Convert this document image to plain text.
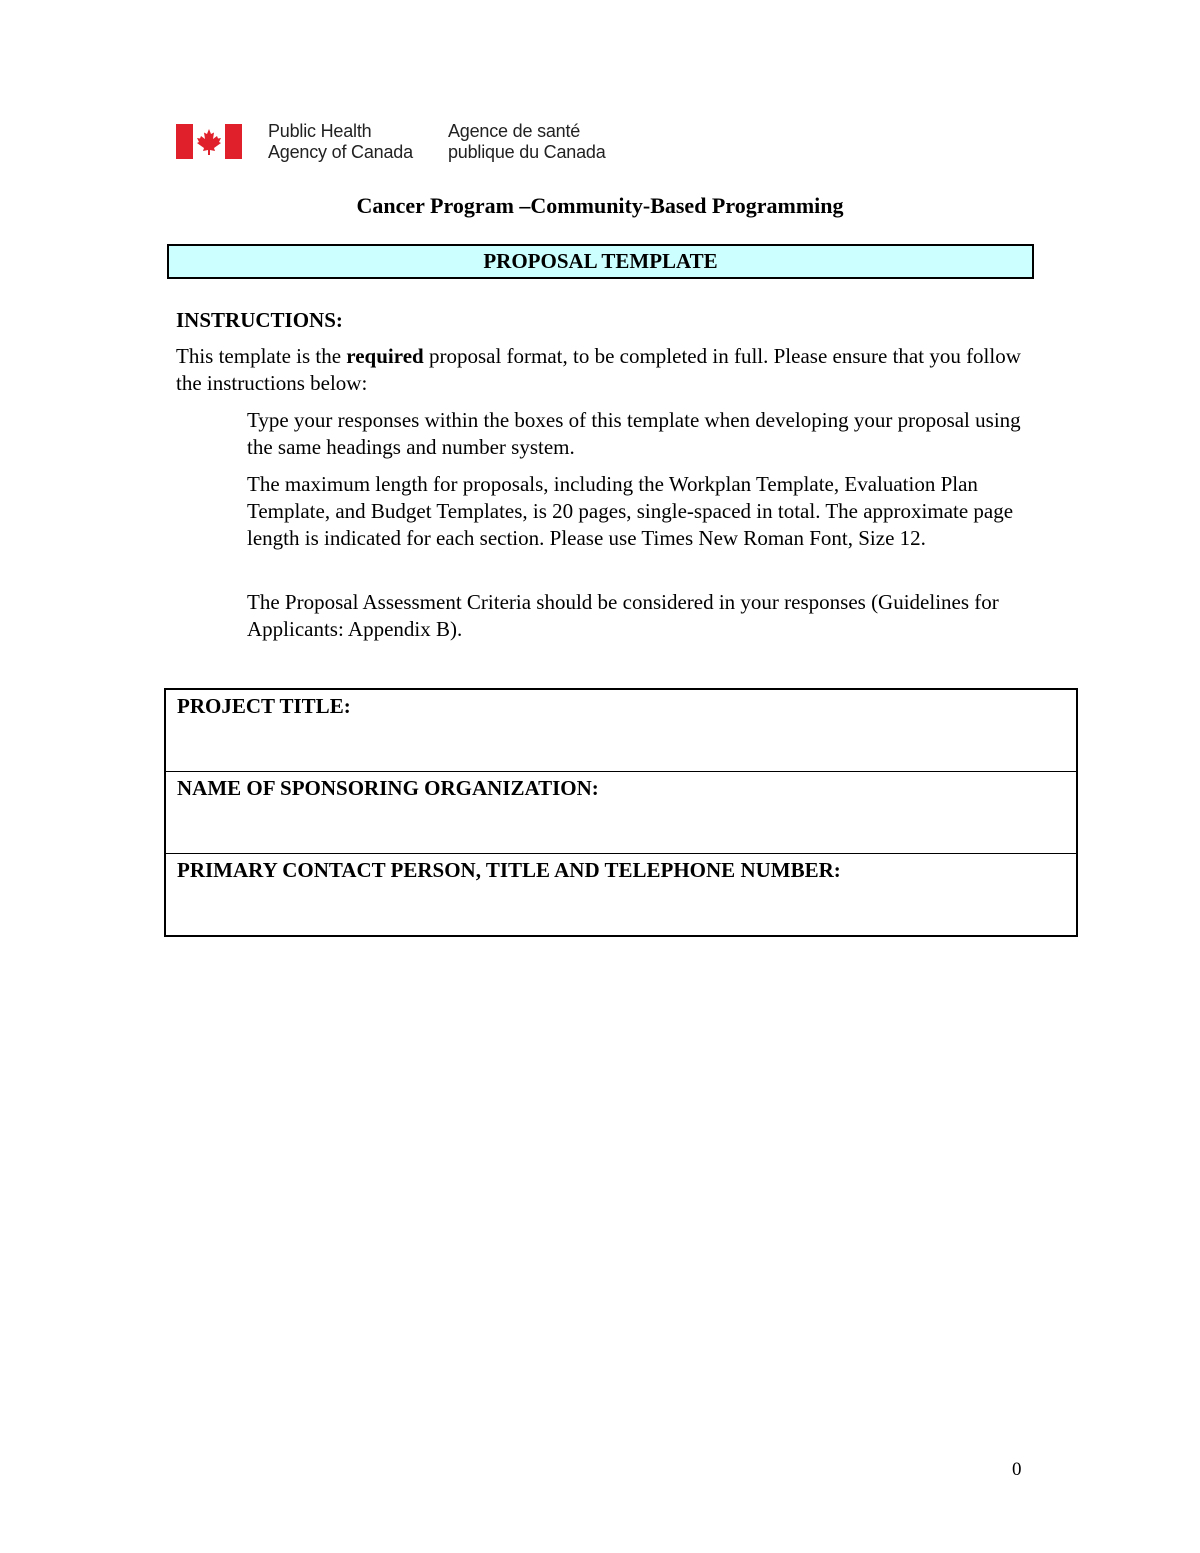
Public Health
Agency of Canada
Agence de santé
publique du Canada
Cancer Program –Community-Based Programming
PROPOSAL TEMPLATE
INSTRUCTIONS:
This template is the required proposal format, to be completed in full. Please ensure that you follow the instructions below:
Type your responses within the boxes of this template when developing your proposal using the same headings and number system.
The maximum length for proposals, including the Workplan Template, Evaluation Plan Template, and Budget Templates, is 20 pages, single-spaced in total. The approximate page length is indicated for each section. Please use Times New Roman Font, Size 12.
The Proposal Assessment Criteria should be considered in your responses (Guidelines for Applicants: Appendix B).
PROJECT TITLE:
NAME OF SPONSORING ORGANIZATION:
PRIMARY CONTACT PERSON, TITLE AND TELEPHONE NUMBER:
0
